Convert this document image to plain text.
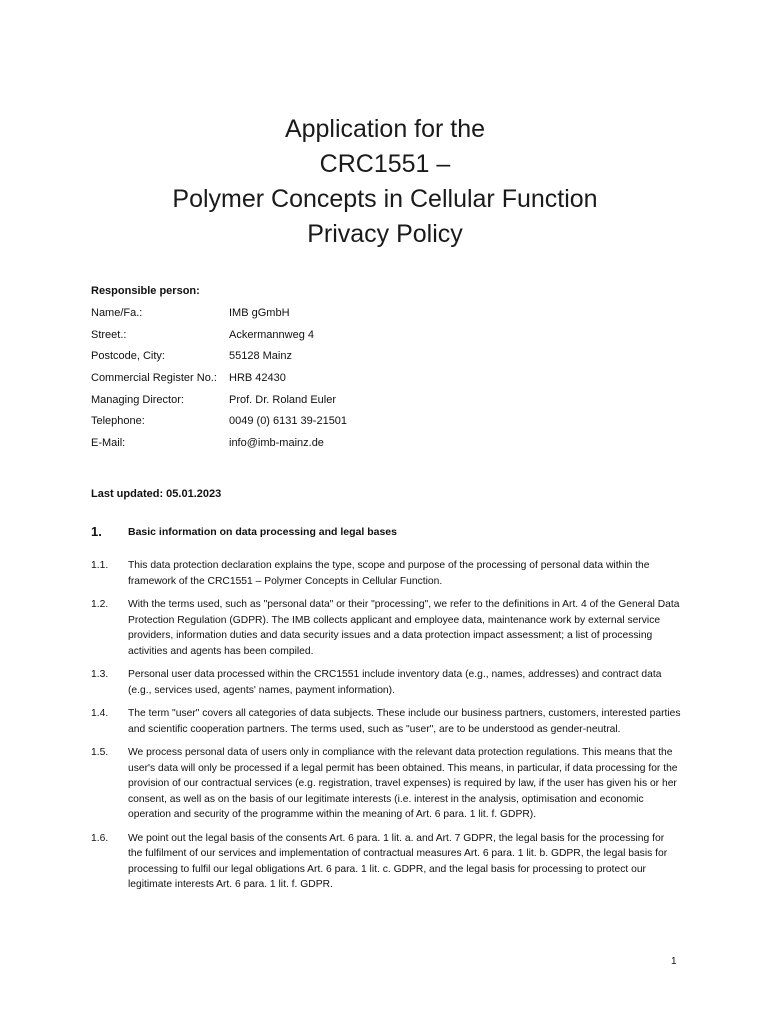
Application for the
CRC1551 –
Polymer Concepts in Cellular Function
Privacy Policy
Responsible person:
Name/Fa.:	IMB gGmbH
Street.:	Ackermannweg 4
Postcode, City:	55128 Mainz
Commercial Register No.: HRB 42430
Managing Director:	Prof. Dr. Roland Euler
Telephone:	0049 (0) 6131 39-21501
E-Mail:	info@imb-mainz.de
Last updated: 05.01.2023
1. Basic information on data processing and legal bases
1.1. This data protection declaration explains the type, scope and purpose of the processing of personal data within the framework of the CRC1551 – Polymer Concepts in Cellular Function.
1.2. With the terms used, such as "personal data" or their "processing", we refer to the definitions in Art. 4 of the General Data Protection Regulation (GDPR). The IMB collects applicant and employee data, maintenance work by external service providers, information duties and data security issues and a data protection impact assessment; a list of processing activities and agents has been compiled.
1.3. Personal user data processed within the CRC1551 include inventory data (e.g., names, addresses) and contract data (e.g., services used, agents' names, payment information).
1.4. The term "user" covers all categories of data subjects. These include our business partners, customers, interested parties and scientific cooperation partners. The terms used, such as "user", are to be understood as gender-neutral.
1.5. We process personal data of users only in compliance with the relevant data protection regulations. This means that the user's data will only be processed if a legal permit has been obtained. This means, in particular, if data processing for the provision of our contractual services (e.g. registration, travel expenses) is required by law, if the user has given his or her consent, as well as on the basis of our legitimate interests (i.e. interest in the analysis, optimisation and economic operation and security of the programme within the meaning of Art. 6 para. 1 lit. f. GDPR).
1.6. We point out the legal basis of the consents Art. 6 para. 1 lit. a. and Art. 7 GDPR, the legal basis for the processing for the fulfilment of our services and implementation of contractual measures Art. 6 para. 1 lit. b. GDPR, the legal basis for processing to fulfil our legal obligations Art. 6 para. 1 lit. c. GDPR, and the legal basis for processing to protect our legitimate interests Art. 6 para. 1 lit. f. GDPR.
1
